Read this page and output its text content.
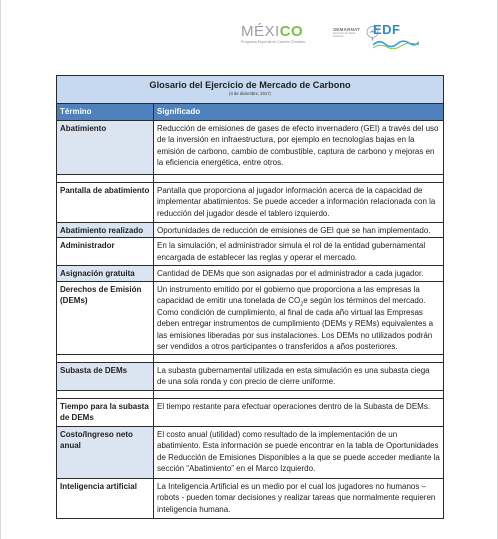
MÉXICO
Programa Especial de Cambio Climático
SEMARNAT
Secretaría de Medio Ambiente	EDF
Glosario del Ejercicio de Mercado de Carbono
(4 de diciembre, 2017)	

Término	Significado
Abatimiento	Reducción de emisiones de gases de efecto invernadero (GEI) a través del uso de la inversión en infraestructura, por ejemplo en tecnologías bajas en la emisión de carbono, cambio de combustible, captura de carbono y mejoras en la eficiencia energética, entre otros.

Pantalla de abatimiento	Pantalla que proporciona al jugador información acerca de la capacidad de implementar abatimientos. Se puede acceder a información relacionada con la reducción del jugador desde el tablero izquierdo.
Abatimiento realizado	Oportunidades de reducción de emisiones de GEI que se han implementado.
Administrador	En la simulación, el administrador simula el rol de la entidad gubernamental encargada de establecer las reglas y operar el mercado.
Asignación gratuita	Cantidad de DEMs que son asignadas por el administrador a cada jugador.
Derechos de Emisión (DEMs)	Un instrumento emitido por el gobierno que proporciona a las empresas la capacidad de emitir una tonelada de $CO_2e$ según los términos del mercado. Como condición de cumplimiento, al final de cada año virtual las Empresas deben entregar instrumentos de cumplimiento (DEMs y REMs) equivalentes a las emisiones liberadas por sus instalaciones. Los DEMs no utilizados podrán ser vendidos a otros participantes o transferidos a años posteriores.

Subasta de DEMs	La subasta gubernamental utilizada en esta simulación es una subasta ciega de una sola ronda y con precio de cierre uniforme.

Tiempo para la subasta de DEMs	El tiempo restante para efectuar operaciones dentro de la Subasta de DEMs.
Costo/Ingreso neto anual	El costo anual (utilidad) como resultado de la implementación de un abatimiento. Esta información se puede encontrar en la tabla de Oportunidades de Reducción de Emisiones Disponibles a la que se puede acceder mediante la sección “Abatimiento” en el Marco Izquierdo.
Inteligencia artificial	La Inteligencia Artificial es un medio por el cual los jugadores no humanos – robots - pueden tomar decisiones y realizar tareas que normalmente requieren inteligencia humana.
